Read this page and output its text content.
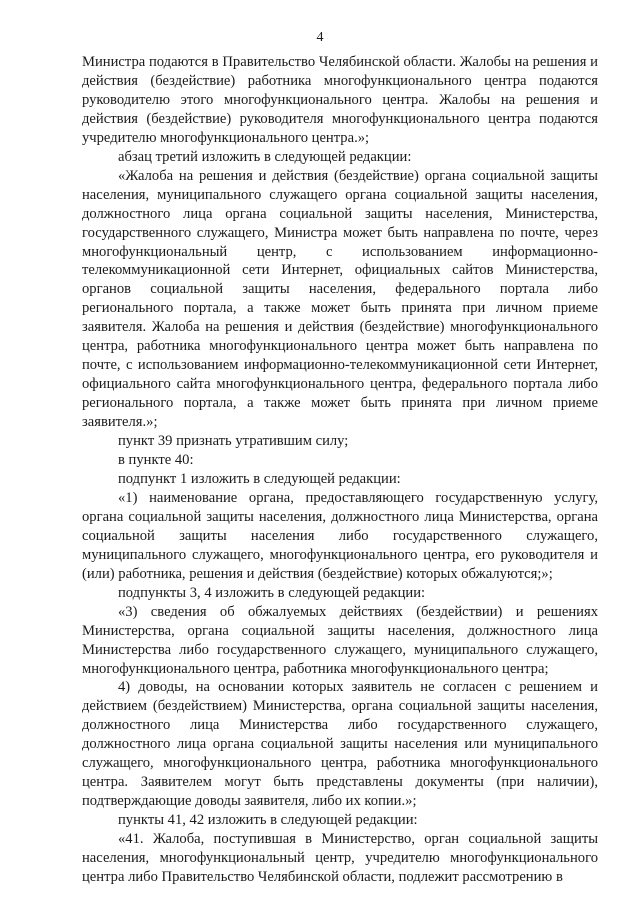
4

Министра подаются в Правительство Челябинской области. Жалобы на решения и действия (бездействие) работника многофункционального центра подаются руководителю этого многофункционального центра. Жалобы на решения и действия (бездействие) руководителя многофункционального центра подаются учредителю многофункционального центра.»;

абзац третий изложить в следующей редакции:

«Жалоба на решения и действия (бездействие) органа социальной защиты населения, муниципального служащего органа социальной защиты населения, должностного лица органа социальной защиты населения, Министерства, государственного служащего, Министра может быть направлена по почте, через многофункциональный центр, с использованием информационно-телекоммуникационной сети Интернет, официальных сайтов Министерства, органов социальной защиты населения, федерального портала либо регионального портала, а также может быть принята при личном приеме заявителя. Жалоба на решения и действия (бездействие) многофункционального центра, работника многофункционального центра может быть направлена по почте, с использованием информационно-телекоммуникационной сети Интернет, официального сайта многофункционального центра, федерального портала либо регионального портала, а также может быть принята при личном приеме заявителя.»;

пункт 39 признать утратившим силу;

в пункте 40:

подпункт 1 изложить в следующей редакции:

«1) наименование органа, предоставляющего государственную услугу, органа социальной защиты населения, должностного лица Министерства, органа социальной защиты населения либо государственного служащего, муниципального служащего, многофункционального центра, его руководителя и (или) работника, решения и действия (бездействие) которых обжалуются;»;

подпункты 3, 4 изложить в следующей редакции:

«3) сведения об обжалуемых действиях (бездействии) и решениях Министерства, органа социальной защиты населения, должностного лица Министерства либо государственного служащего, муниципального служащего, многофункционального центра, работника многофункционального центра;

4) доводы, на основании которых заявитель не согласен с решением и действием (бездействием) Министерства, органа социальной защиты населения, должностного лица Министерства либо государственного служащего, должностного лица органа социальной защиты населения или муниципального служащего, многофункционального центра, работника многофункционального центра. Заявителем могут быть представлены документы (при наличии), подтверждающие доводы заявителя, либо их копии.»;

пункты 41, 42 изложить в следующей редакции:

«41. Жалоба, поступившая в Министерство, орган социальной защиты населения, многофункциональный центр, учредителю многофункционального центра либо Правительство Челябинской области, подлежит рассмотрению в
